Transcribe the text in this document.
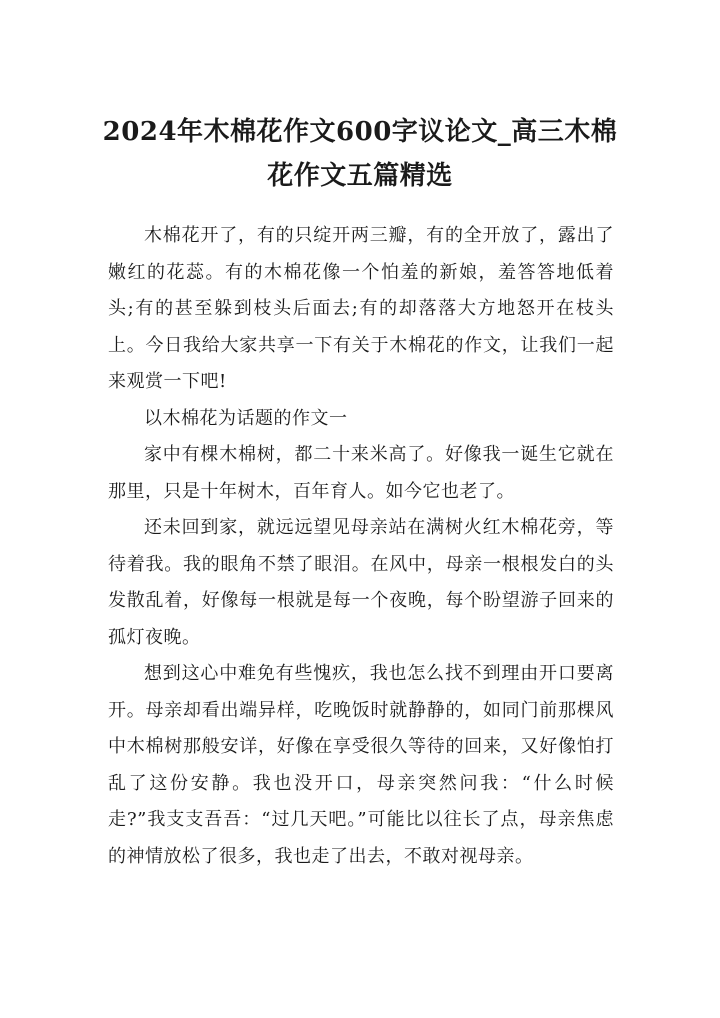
2024年木棉花作文600字议论文_高三木棉花作文五篇精选

木棉花开了，有的只绽开两三瓣，有的全开放了，露出了嫩红的花蕊。有的木棉花像一个怕羞的新娘，羞答答地低着头;有的甚至躲到枝头后面去;有的却落落大方地怒开在枝头上。今日我给大家共享一下有关于木棉花的作文，让我们一起来观赏一下吧!

以木棉花为话题的作文一

家中有棵木棉树，都二十来米高了。好像我一诞生它就在那里，只是十年树木，百年育人。如今它也老了。

还未回到家，就远远望见母亲站在满树火红木棉花旁，等待着我。我的眼角不禁了眼泪。在风中，母亲一根根发白的头发散乱着，好像每一根就是每一个夜晚，每个盼望游子回来的孤灯夜晚。

想到这心中难免有些愧疚，我也怎么找不到理由开口要离开。母亲却看出端异样，吃晚饭时就静静的，如同门前那棵风中木棉树那般安详，好像在享受很久等待的回来，又好像怕打乱了这份安静。我也没开口，母亲突然问我：“什么时候走?”我支支吾吾：“过几天吧。”可能比以往长了点，母亲焦虑的神情放松了很多，我也走了出去，不敢对视母亲。
